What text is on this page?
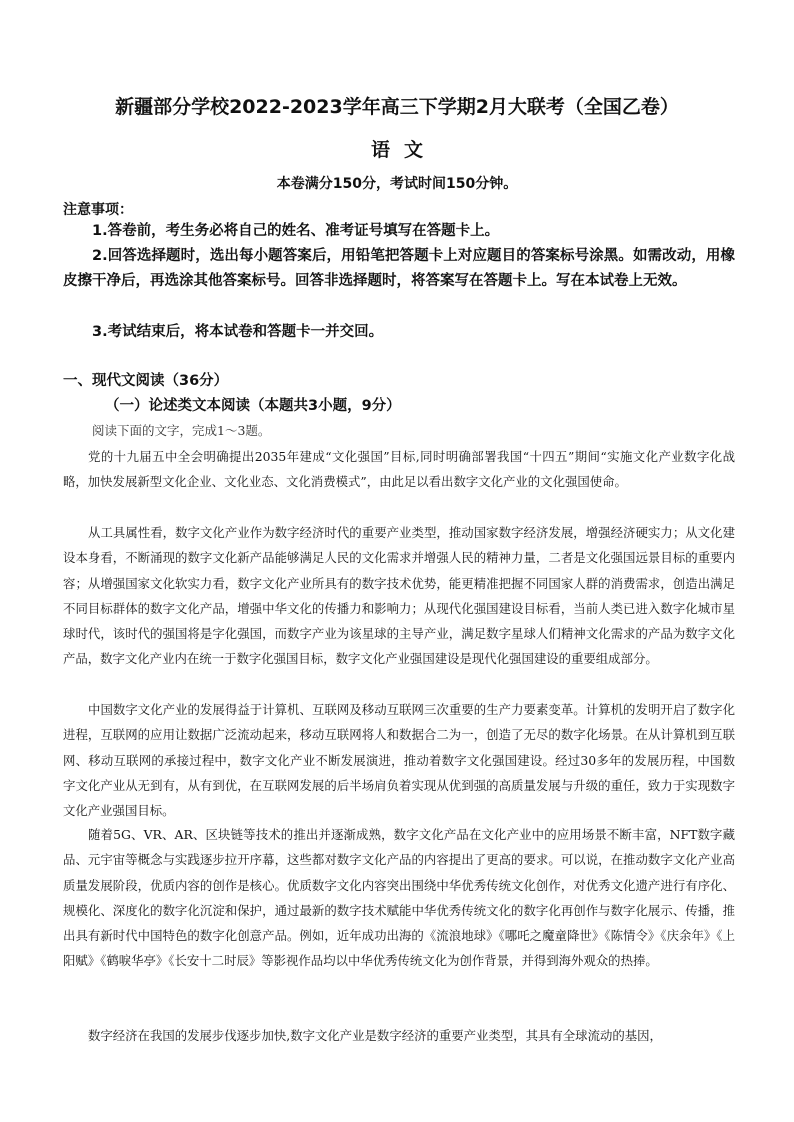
新疆部分学校2022-2023学年高三下学期2月大联考（全国乙卷）
语文
本卷满分150分，考试时间150分钟。
注意事项：

1.答卷前，考生务必将自己的姓名、准考证号填写在答题卡上。

2.回答选择题时，选出每小题答案后，用铅笔把答题卡上对应题目的答案标号涂黑。如需改动，用橡皮擦干净后，再选涂其他答案标号。回答非选择题时，将答案写在答题卡上。写在本试卷上无效。

3.考试结束后，将本试卷和答题卡一并交回。

一、现代文阅读（36分）
（一）论述类文本阅读（本题共3小题，9分）
阅读下面的文字，完成1～3题。

党的十九届五中全会明确提出2035年建成“文化强国”目标,同时明确部署我国“十四五”期间“实施文化产业数字化战略，加快发展新型文化企业、文化业态、文化消费模式”，由此足以看出数字文化产业的文化强国使命。

从工具属性看，数字文化产业作为数字经济时代的重要产业类型，推动国家数字经济发展，增强经济硬实力；从文化建设本身看，不断涌现的数字文化新产品能够满足人民的文化需求并增强人民的精神力量，二者是文化强国远景目标的重要内容；从增强国家文化软实力看，数字文化产业所具有的数字技术优势，能更精准把握不同国家人群的消费需求，创造出满足不同目标群体的数字文化产品，增强中华文化的传播力和影响力；从现代化强国建设目标看，当前人类已进入数字化城市星球时代，该时代的强国将是字化强国，而数字产业为该星球的主导产业，满足数字星球人们精神文化需求的产品为数字文化产品，数字文化产业内在统一于数字化强国目标，数字文化产业强国建设是现代化强国建设的重要组成部分。

中国数字文化产业的发展得益于计算机、互联网及移动互联网三次重要的生产力要素变革。计算机的发明开启了数字化进程，互联网的应用让数据广泛流动起来，移动互联网将人和数据合二为一，创造了无尽的数字化场景。在从计算机到互联网、移动互联网的承接过程中，数字文化产业不断发展演进，推动着数字文化强国建设。经过30多年的发展历程，中国数字文化产业从无到有，从有到优，在互联网发展的后半场肩负着实现从优到强的高质量发展与升级的重任，致力于实现数字文化产业强国目标。

随着5G、VR、AR、区块链等技术的推出并逐渐成熟，数字文化产品在文化产业中的应用场景不断丰富，NFT数字藏品、元宇宙等概念与实践逐步拉开序幕，这些都对数字文化产品的内容提出了更高的要求。可以说，在推动数字文化产业高质量发展阶段，优质内容的创作是核心。优质数字文化内容突出围绕中华优秀传统文化创作，对优秀文化遗产进行有序化、规模化、深度化的数字化沉淀和保护，通过最新的数字技术赋能中华优秀传统文化的数字化再创作与数字化展示、传播，推出具有新时代中国特色的数字化创意产品。例如，近年成功出海的《流浪地球》《哪吒之魔童降世》《陈情令》《庆余年》《上阳赋》《鹤唳华亭》《长安十二时辰》等影视作品均以中华优秀传统文化为创作背景，并得到海外观众的热捧。

数字经济在我国的发展步伐逐步加快,数字文化产业是数字经济的重要产业类型，其具有全球流动的基因，
